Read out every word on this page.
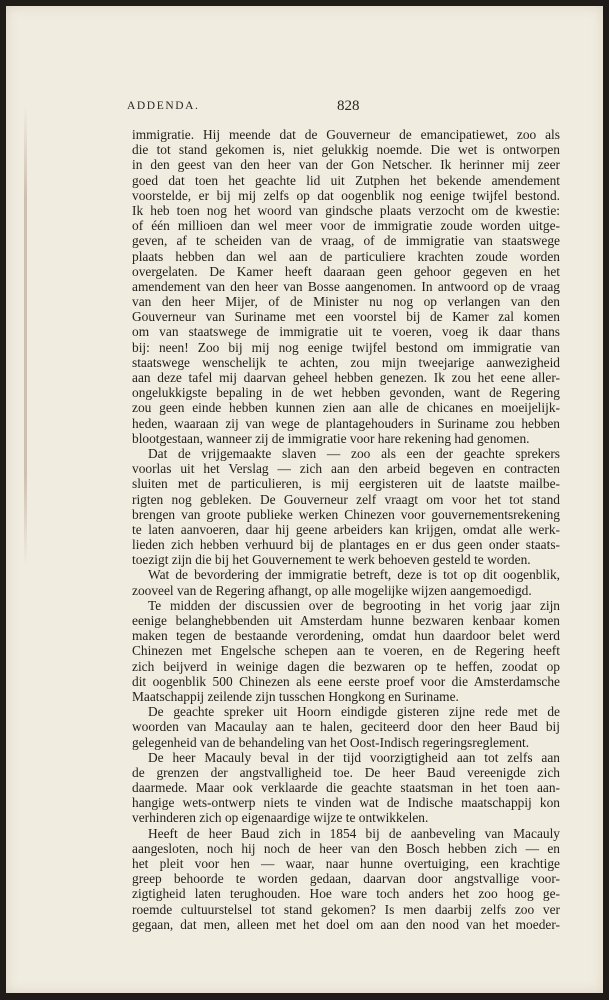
ADDENDA.	828
immigratie. Hij meende dat de Gouverneur de emancipatiewet, zoo als
die tot stand gekomen is, niet gelukkig noemde. Die wet is ontworpen
in den geest van den heer van der Gon Netscher. Ik herinner mij zeer
goed dat toen het geachte lid uit Zutphen het bekende amendement
voorstelde, er bij mij zelfs op dat oogenblik nog eenige twijfel bestond.
Ik heb toen nog het woord van gindsche plaats verzocht om de kwestie:
of één millioen dan wel meer voor de immigratie zoude worden uitge-
geven, af te scheiden van de vraag, of de immigratie van staatswege
plaats hebben dan wel aan de particuliere krachten zoude worden
overgelaten. De Kamer heeft daaraan geen gehoor gegeven en het
amendement van den heer van Bosse aangenomen. In antwoord op de vraag
van den heer Mijer, of de Minister nu nog op verlangen van den
Gouverneur van Suriname met een voorstel bij de Kamer zal komen
om van staatswege de immigratie uit te voeren, voeg ik daar thans
bij: neen! Zoo bij mij nog eenige twijfel bestond om immigratie van
staatswege wenschelijk te achten, zou mijn tweejarige aanwezigheid
aan deze tafel mij daarvan geheel hebben genezen. Ik zou het eene aller-
ongelukkigste bepaling in de wet hebben gevonden, want de Regering
zou geen einde hebben kunnen zien aan alle de chicanes en moeijelijk-
heden, waaraan zij van wege de plantagehouders in Suriname zou hebben
blootgestaan, wanneer zij de immigratie voor hare rekening had genomen.
Dat de vrijgemaakte slaven — zoo als een der geachte sprekers
voorlas uit het Verslag — zich aan den arbeid begeven en contracten
sluiten met de particulieren, is mij eergisteren uit de laatste mailbe-
rigten nog gebleken. De Gouverneur zelf vraagt om voor het tot stand
brengen van groote publieke werken Chinezen voor gouvernementsrekening
te laten aanvoeren, daar hij geene arbeiders kan krijgen, omdat alle werk-
lieden zich hebben verhuurd bij de plantages en er dus geen onder staats-
toezigt zijn die bij het Gouvernement te werk behoeven gesteld te worden.
Wat de bevordering der immigratie betreft, deze is tot op dit oogenblik,
zooveel van de Regering afhangt, op alle mogelijke wijzen aangemoedigd.
Te midden der discussien over de begrooting in het vorig jaar zijn
eenige belanghebbenden uit Amsterdam hunne bezwaren kenbaar komen
maken tegen de bestaande verordening, omdat hun daardoor belet werd
Chinezen met Engelsche schepen aan te voeren, en de Regering heeft
zich beijverd in weinige dagen die bezwaren op te heffen, zoodat op
dit oogenblik 500 Chinezen als eene eerste proef voor die Amsterdamsche
Maatschappij zeilende zijn tusschen Hongkong en Suriname.
De geachte spreker uit Hoorn eindigde gisteren zijne rede met de
woorden van Macaulay aan te halen, geciteerd door den heer Baud bij
gelegenheid van de behandeling van het Oost-Indisch regeringsreglement.
De heer Macauly beval in der tijd voorzigtigheid aan tot zelfs aan
de grenzen der angstvalligheid toe. De heer Baud vereenigde zich
daarmede. Maar ook verklaarde die geachte staatsman in het toen aan-
hangige wets-ontwerp niets te vinden wat de Indische maatschappij kon
verhinderen zich op eigenaardige wijze te ontwikkelen.
Heeft de heer Baud zich in 1854 bij de aanbeveling van Macauly
aangesloten, noch hij noch de heer van den Bosch hebben zich — en
het pleit voor hen — waar, naar hunne overtuiging, een krachtige
greep behoorde te worden gedaan, daarvan door angstvallige voor-
zigtigheid laten terughouden. Hoe ware toch anders het zoo hoog ge-
roemde cultuurstelsel tot stand gekomen? Is men daarbij zelfs zoo ver
gegaan, dat men, alleen met het doel om aan den nood van het moeder-
